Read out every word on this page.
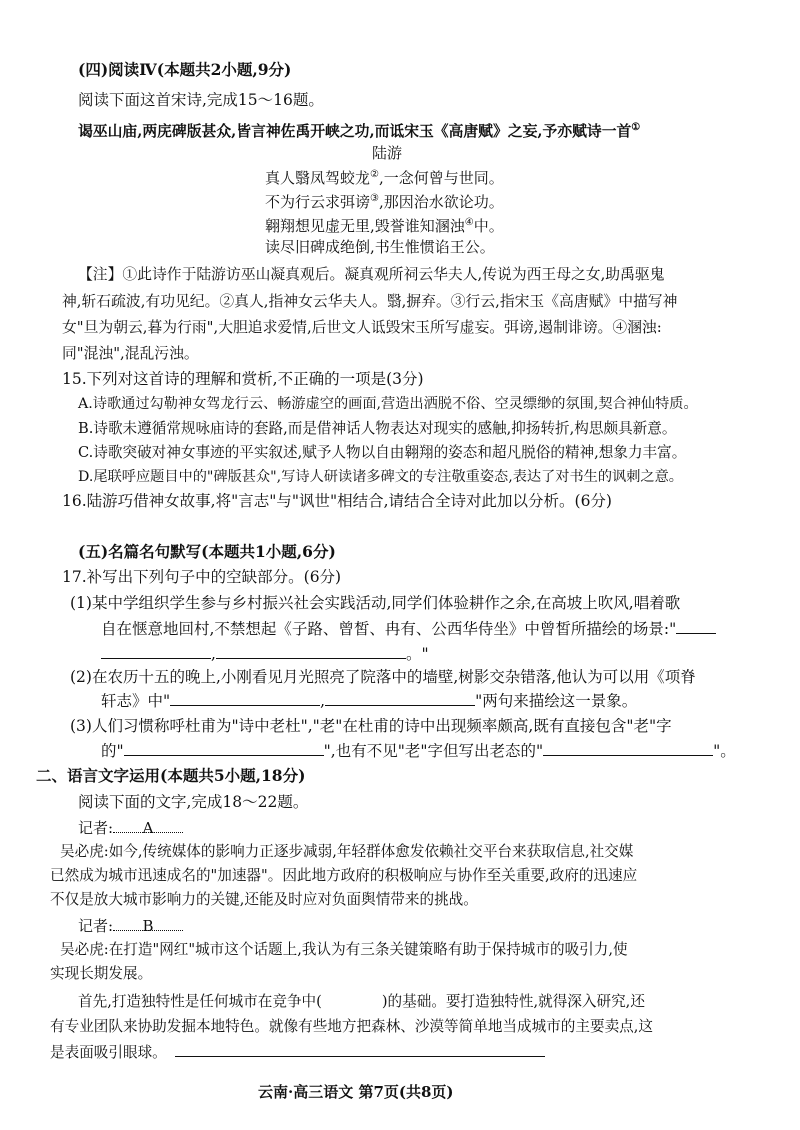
(四)阅读Ⅳ(本题共2小题,9分)
阅读下面这首宋诗,完成15～16题。
谒巫山庙,两庑碑版甚众,皆言神佐禹开峡之功,而诋宋玉《高唐赋》之妄,予亦赋诗一首①
陆游
真人翳凤驾蛟龙②,一念何曾与世同。
不为行云求弭谤③,那因治水欲论功。
翱翔想见虚无里,毁誉谁知溷浊④中。
读尽旧碑成绝倒,书生惟惯谄王公。
【注】①此诗作于陆游访巫山凝真观后。凝真观所祠云华夫人,传说为西王母之女,助禹驱鬼
神,斩石疏波,有功见纪。②真人,指神女云华夫人。翳,摒弃。③行云,指宋玉《高唐赋》中描写神
女"旦为朝云,暮为行雨",大胆追求爱情,后世文人诋毁宋玉所写虚妄。弭谤,遏制诽谤。④溷浊:
同"混浊",混乱污浊。
15.下列对这首诗的理解和赏析,不正确的一项是(3分)
A.诗歌通过勾勒神女驾龙行云、畅游虚空的画面,营造出洒脱不俗、空灵缥缈的氛围,契合神仙特质。
B.诗歌未遵循常规咏庙诗的套路,而是借神话人物表达对现实的感触,抑扬转折,构思颇具新意。
C.诗歌突破对神女事迹的平实叙述,赋予人物以自由翱翔的姿态和超凡脱俗的精神,想象力丰富。
D.尾联呼应题目中的"碑版甚众",写诗人研读诸多碑文的专注敬重姿态,表达了对书生的讽刺之意。
16.陆游巧借神女故事,将"言志"与"讽世"相结合,请结合全诗对此加以分析。(6分)
(五)名篇名句默写(本题共1小题,6分)
17.补写出下列句子中的空缺部分。(6分)
(1)某中学组织学生参与乡村振兴社会实践活动,同学们体验耕作之余,在高坡上吹风,唱着歌
自在惬意地回村,不禁想起《子路、曾皙、冉有、公西华侍坐》中曾皙所描绘的场景:"
,	。"
(2)在农历十五的晚上,小刚看见月光照亮了院落中的墙壁,树影交杂错落,他认为可以用《项脊
轩志》中"	,	"两句来描绘这一景象。
(3)人们习惯称呼杜甫为"诗中老杜","老"在杜甫的诗中出现频率颇高,既有直接包含"老"字
的"	",也有不见"老"字但写出老态的"	"。
二、语言文字运用(本题共5小题,18分)
阅读下面的文字,完成18～22题。
记者: A
吴必虎:如今,传统媒体的影响力正逐步减弱,年轻群体愈发依赖社交平台来获取信息,社交媒
已然成为城市迅速成名的"加速器"。因此地方政府的积极响应与协作至关重要,政府的迅速应
不仅是放大城市影响力的关键,还能及时应对负面舆情带来的挑战。
记者: B
吴必虎:在打造"网红"城市这个话题上,我认为有三条关键策略有助于保持城市的吸引力,使
实现长期发展。
首先,打造独特性是任何城市在竞争中(	)的基础。要打造独特性,就得深入研究,还
有专业团队来协助发掘本地特色。就像有些地方把森林、沙漠等简单地当成城市的主要卖点,这
是表面吸引眼球。
云南·高三语文 第7页(共8页)
